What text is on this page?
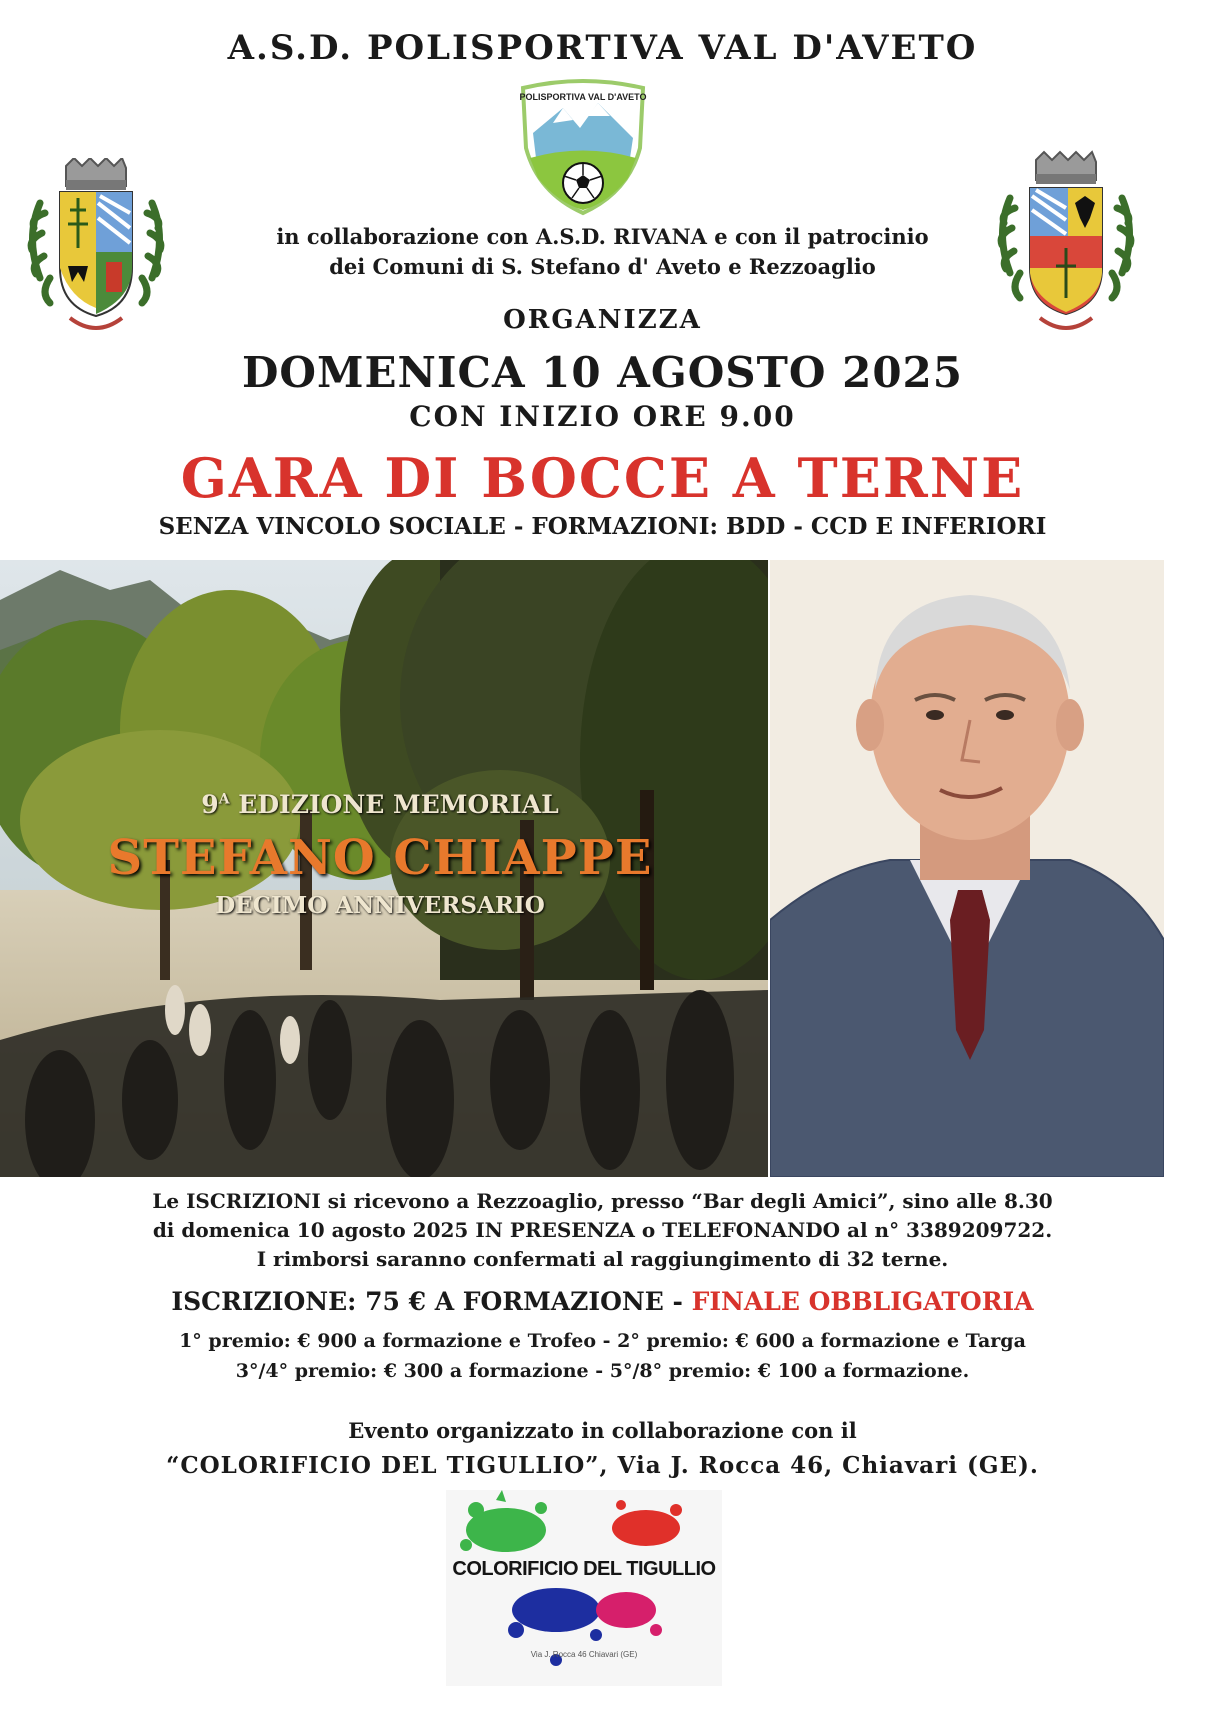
A.S.D. POLISPORTIVA VAL D'AVETO
POLISPORTIVA VAL D'AVETO
in collaborazione con A.S.D. RIVANA e con il patrocinio
dei Comuni di S. Stefano d' Aveto e Rezzoaglio
ORGANIZZA
DOMENICA 10 AGOSTO 2025
CON INIZIO ORE 9.00
GARA DI BOCCE A TERNE
SENZA VINCOLO SOCIALE - FORMAZIONI: BDD - CCD E INFERIORI
$9^A$ EDIZIONE MEMORIAL
STEFANO CHIAPPE
DECIMO ANNIVERSARIO
Le ISCRIZIONI si ricevono a Rezzoaglio, presso “Bar degli Amici”, sino alle 8.30
di domenica 10 agosto 2025 IN PRESENZA o TELEFONANDO al n° 3389209722.
I rimborsi saranno confermati al raggiungimento di 32 terne.
ISCRIZIONE: 75 € A FORMAZIONE - FINALE OBBLIGATORIA
1° premio: € 900 a formazione e Trofeo - 2° premio: € 600 a formazione e Targa
3°/4° premio: € 300 a formazione - 5°/8° premio: € 100 a formazione.
Evento organizzato in collaborazione con il
“COLORIFICIO DEL TIGULLIO”, Via J. Rocca 46, Chiavari (GE).
COLORIFICIO DEL TIGULLIO
Via J. Rocca 46 Chiavari (GE)
